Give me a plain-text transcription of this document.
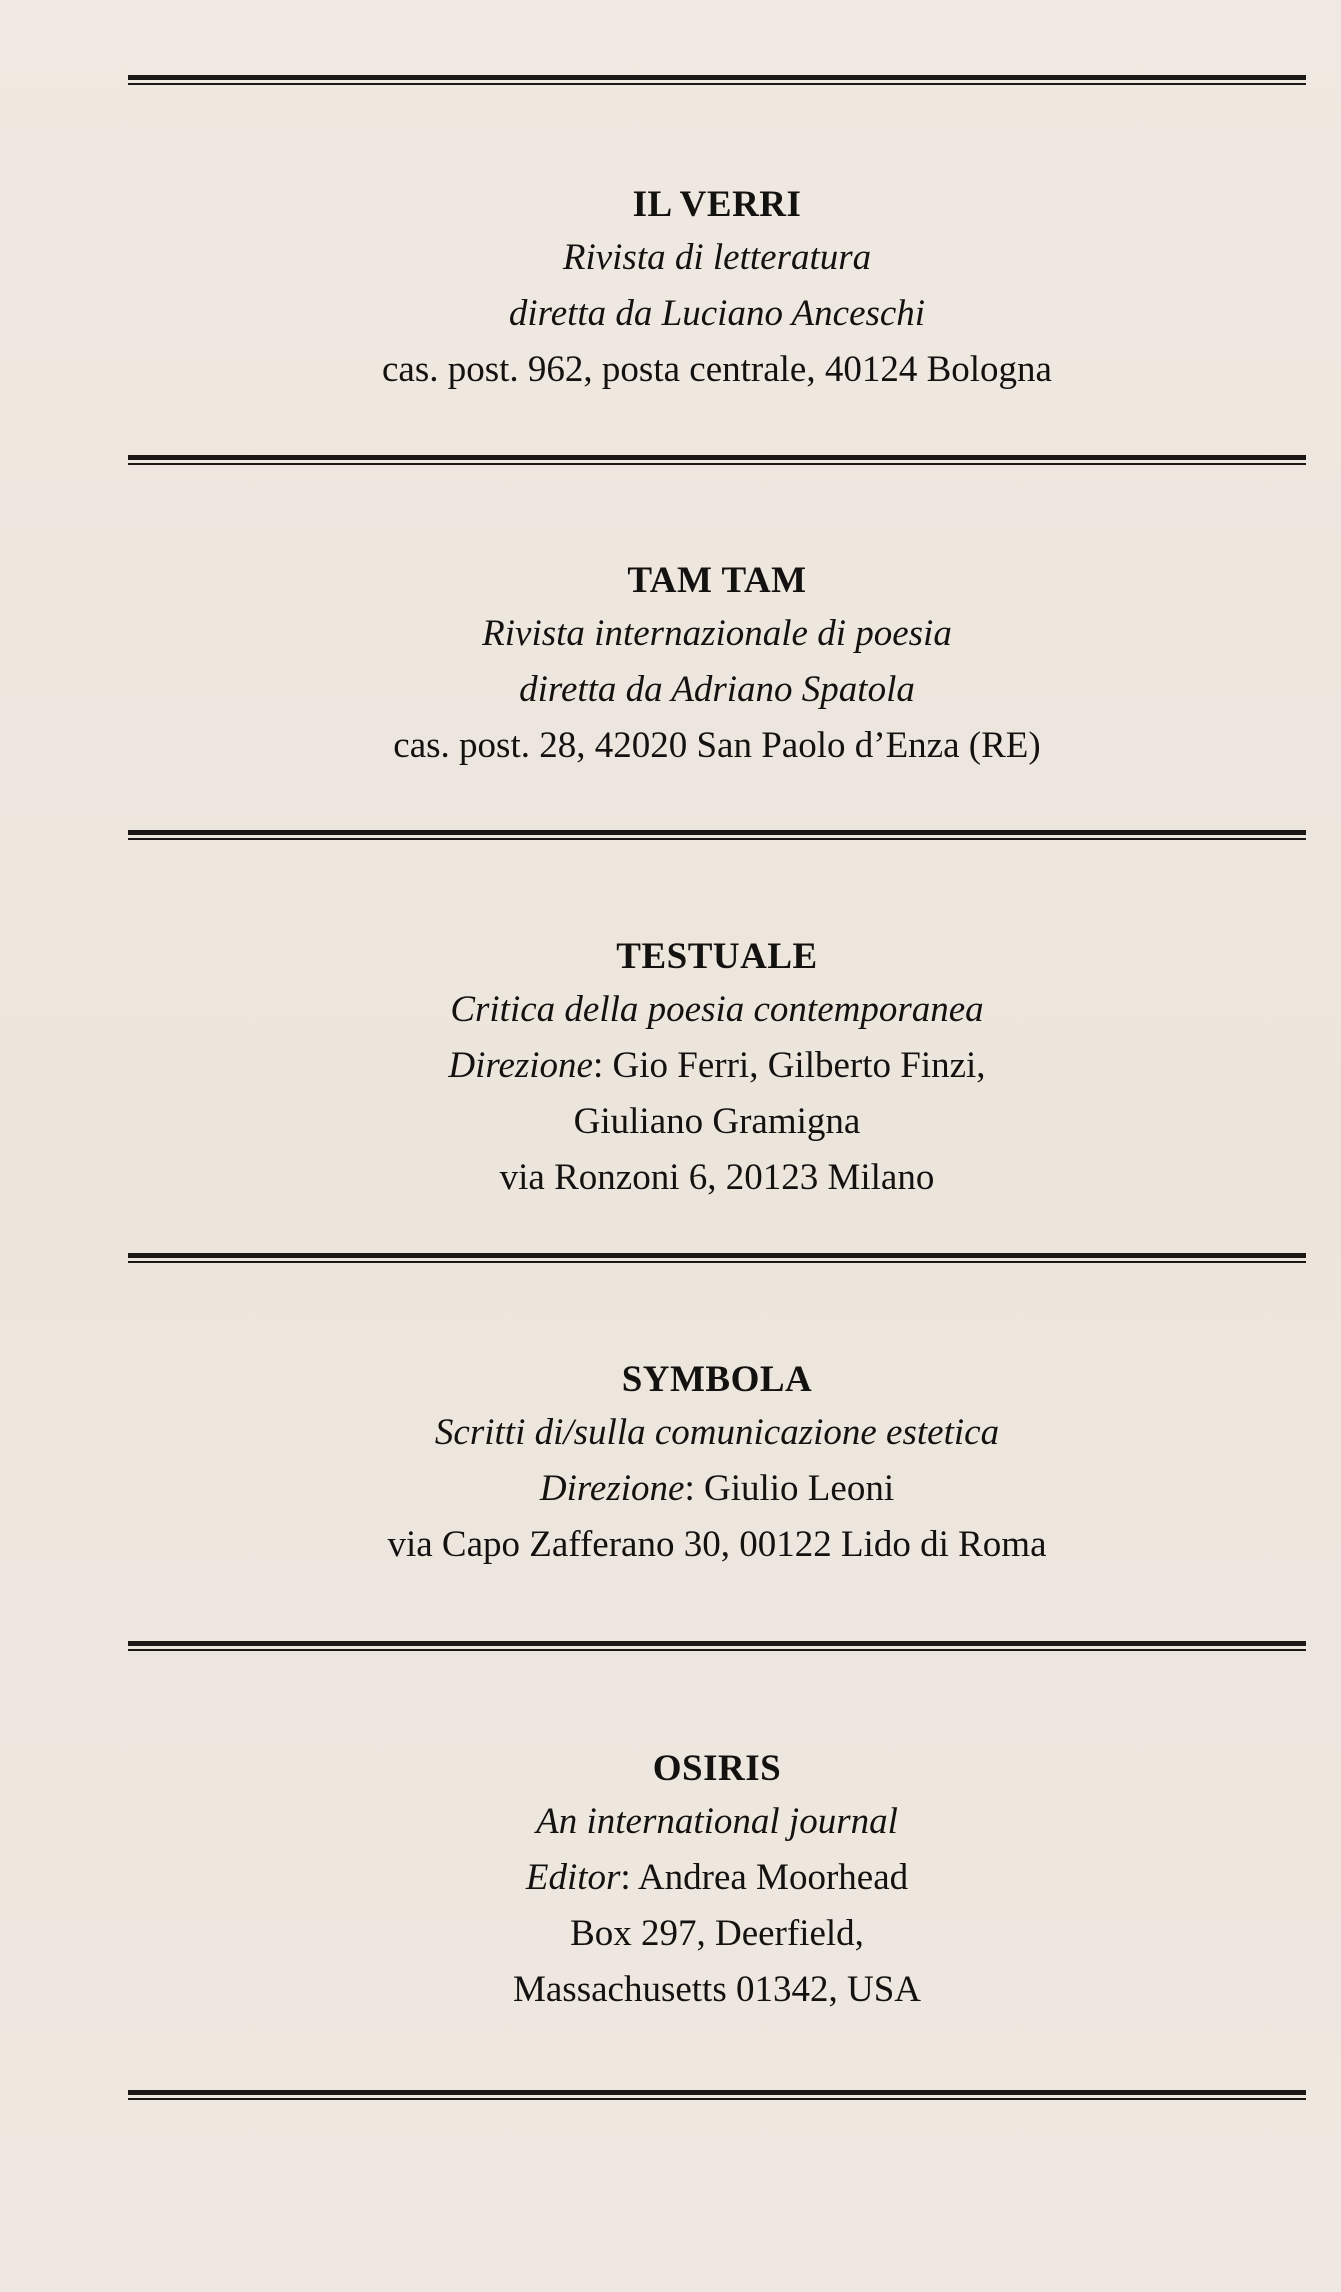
IL VERRI
Rivista di letteratura
diretta da Luciano Anceschi
cas. post. 962, posta centrale, 40124 Bologna
TAM TAM
Rivista internazionale di poesia
diretta da Adriano Spatola
cas. post. 28, 42020 San Paolo d’Enza (RE)
TESTUALE
Critica della poesia contemporanea
Direzione: Gio Ferri, Gilberto Finzi,
Giuliano Gramigna
via Ronzoni 6, 20123 Milano
SYMBOLA
Scritti di/sulla comunicazione estetica
Direzione: Giulio Leoni
via Capo Zafferano 30, 00122 Lido di Roma
OSIRIS
An international journal
Editor: Andrea Moorhead
Box 297, Deerfield,
Massachusetts 01342, USA
